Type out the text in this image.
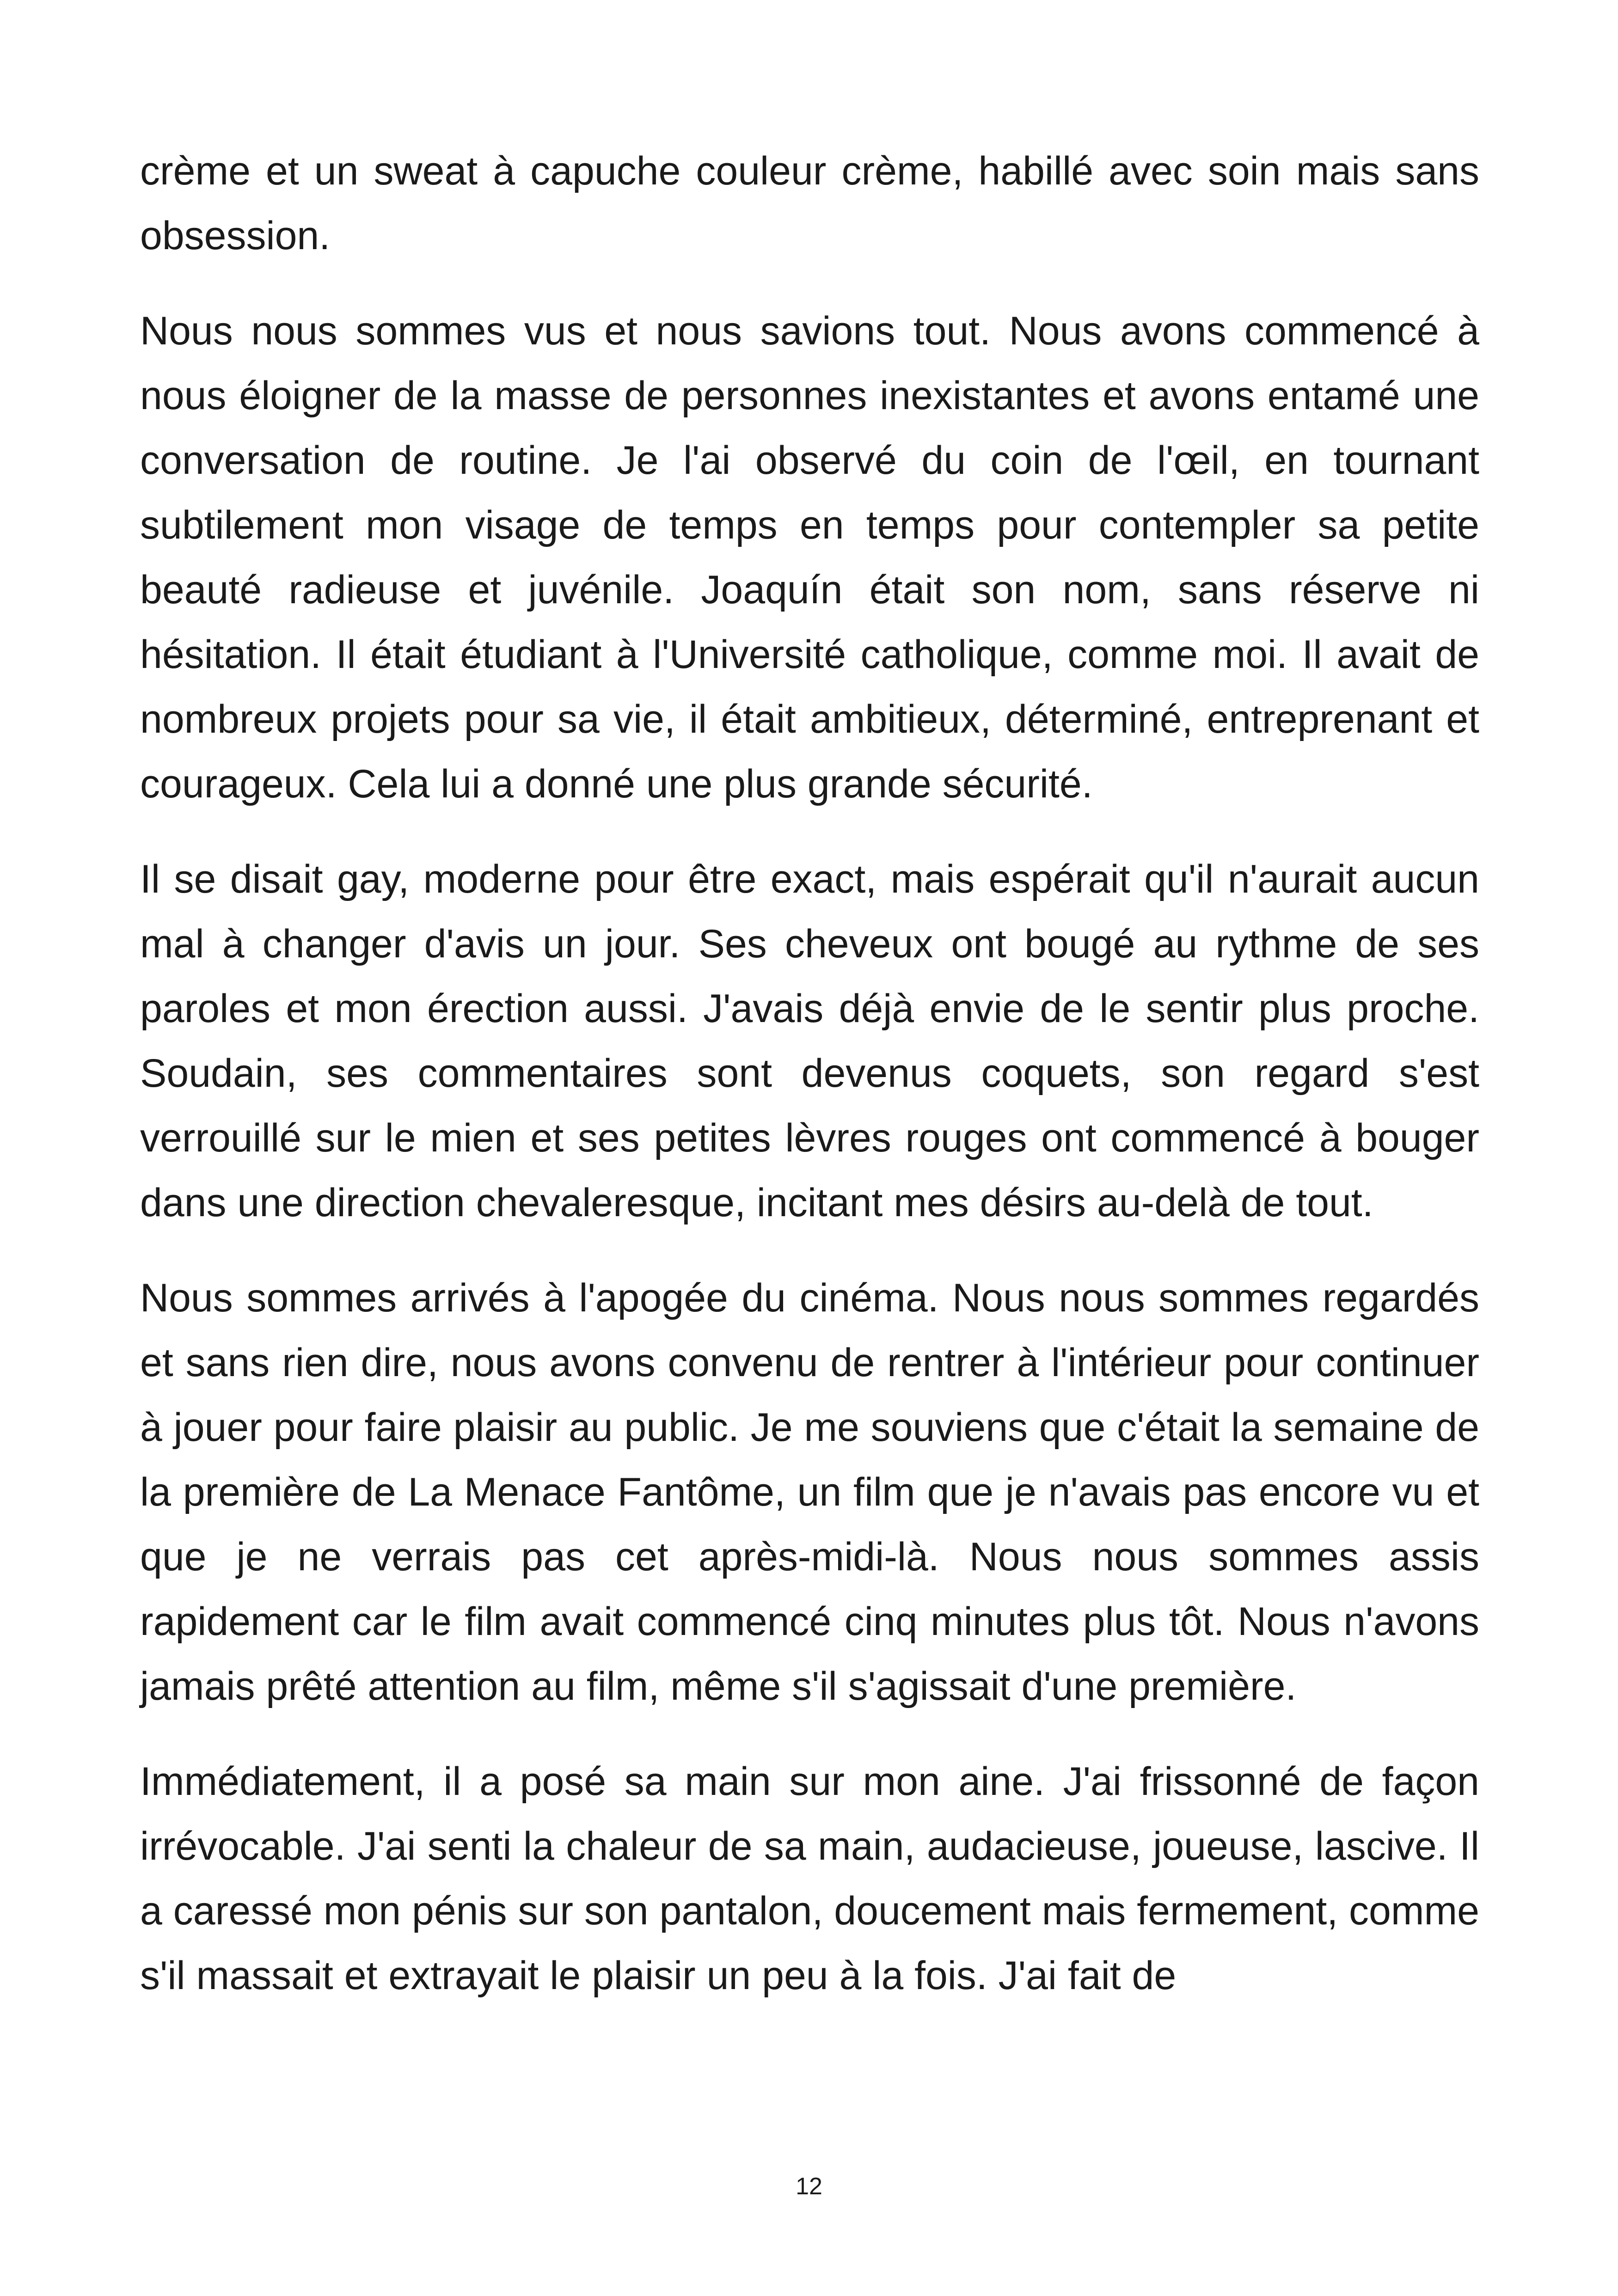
crème et un sweat à capuche couleur crème, habillé avec soin mais sans obsession.

Nous nous sommes vus et nous savions tout. Nous avons commencé à nous éloigner de la masse de personnes inexistantes et avons entamé une conversation de routine. Je l'ai observé du coin de l'œil, en tournant subtilement mon visage de temps en temps pour contempler sa petite beauté radieuse et juvénile. Joaquín était son nom, sans réserve ni hésitation. Il était étudiant à l'Université catholique, comme moi. Il avait de nombreux projets pour sa vie, il était ambitieux, déterminé, entreprenant et courageux. Cela lui a donné une plus grande sécurité.

Il se disait gay, moderne pour être exact, mais espérait qu'il n'aurait aucun mal à changer d'avis un jour. Ses cheveux ont bougé au rythme de ses paroles et mon érection aussi. J'avais déjà envie de le sentir plus proche. Soudain, ses commentaires sont devenus coquets, son regard s'est verrouillé sur le mien et ses petites lèvres rouges ont commencé à bouger dans une direction chevaleresque, incitant mes désirs au-delà de tout.

Nous sommes arrivés à l'apogée du cinéma. Nous nous sommes regardés et sans rien dire, nous avons convenu de rentrer à l'intérieur pour continuer à jouer pour faire plaisir au public. Je me souviens que c'était la semaine de la première de La Menace Fantôme, un film que je n'avais pas encore vu et que je ne verrais pas cet après-midi-là. Nous nous sommes assis rapidement car le film avait commencé cinq minutes plus tôt. Nous n'avons jamais prêté attention au film, même s'il s'agissait d'une première.

Immédiatement, il a posé sa main sur mon aine. J'ai frissonné de façon irrévocable. J'ai senti la chaleur de sa main, audacieuse, joueuse, lascive. Il a caressé mon pénis sur son pantalon, doucement mais fermement, comme s'il massait et extrayait le plaisir un peu à la fois. J'ai fait de

12
